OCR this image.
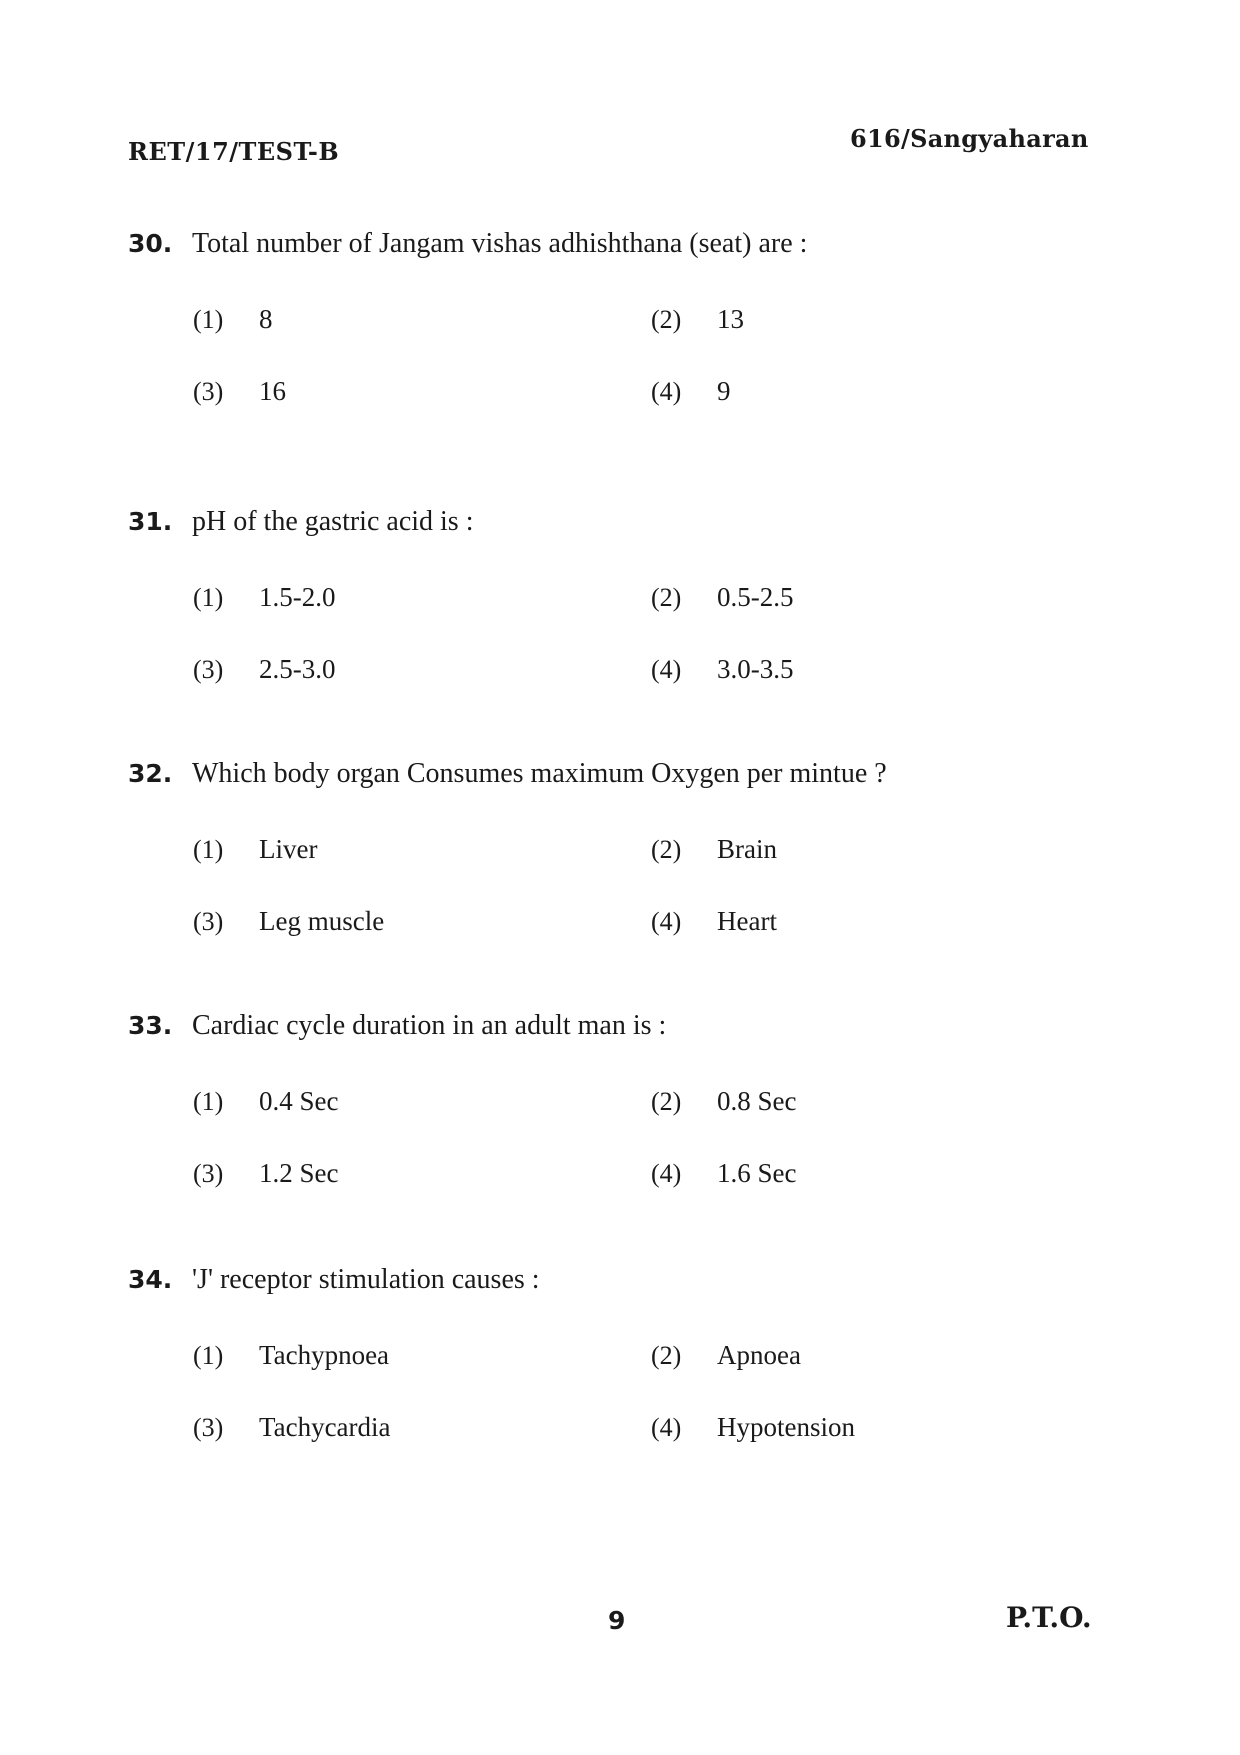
RET/17/TEST-B	616/Sangyaharan
30. Total number of Jangam vishas adhishthana (seat) are :
(1)	8	(2)	13
(3)	16	(4)	9
31. pH of the gastric acid is :
(1)	1.5-2.0	(2)	0.5-2.5
(3)	2.5-3.0	(4)	3.0-3.5
32. Which body organ Consumes maximum Oxygen per mintue ?
(1)	Liver	(2)	Brain
(3)	Leg muscle	(4)	Heart
33. Cardiac cycle duration in an adult man is :
(1)	0.4 Sec	(2)	0.8 Sec
(3)	1.2 Sec	(4)	1.6 Sec
34. 'J' receptor stimulation causes :
(1)	Tachypnoea	(2)	Apnoea
(3)	Tachycardia	(4)	Hypotension
9	P.T.O.
